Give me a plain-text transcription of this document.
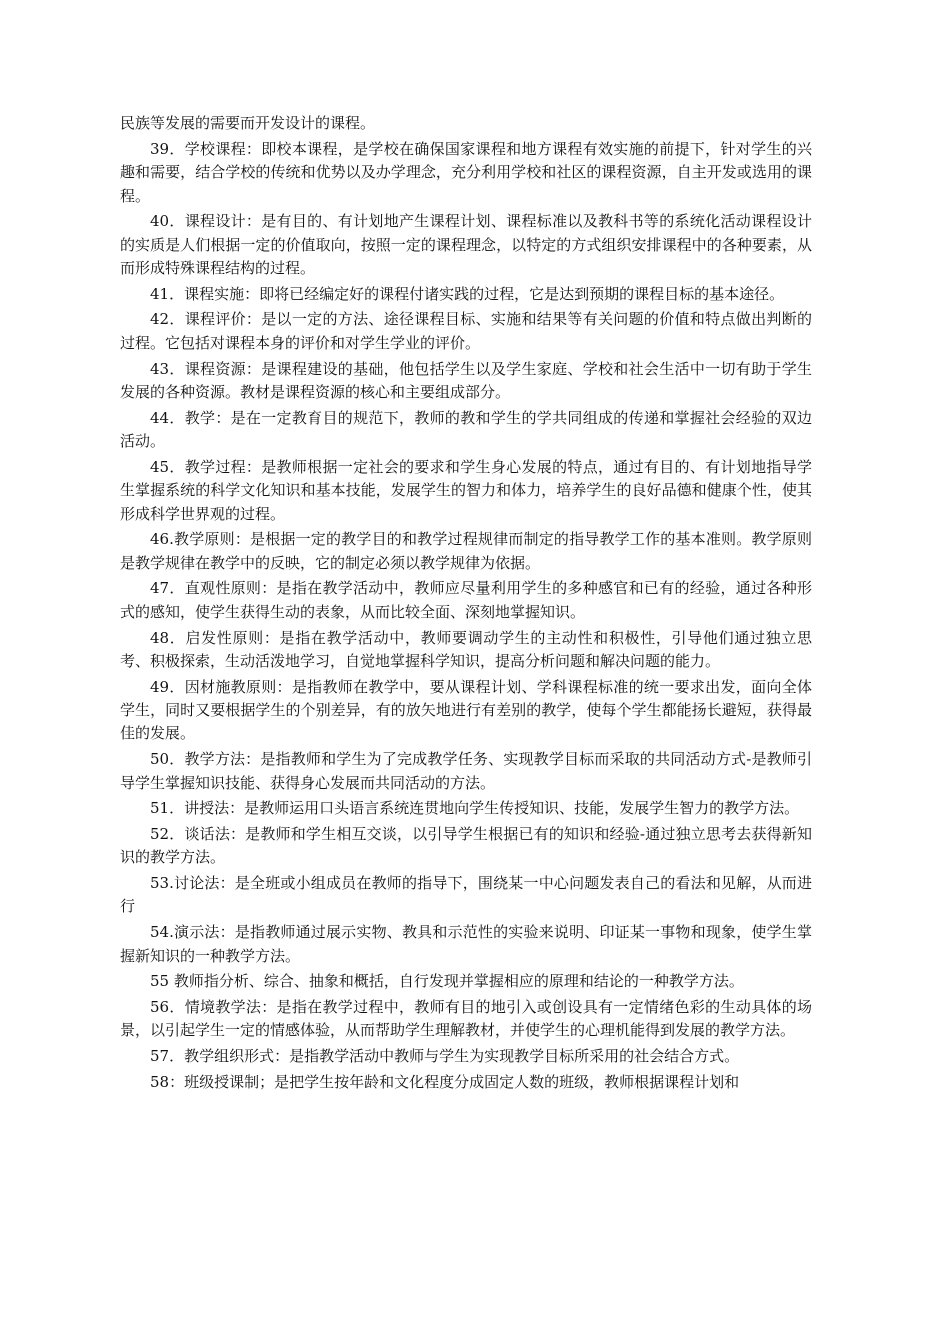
民族等发展的需要而开发设计的课程。

39．学校课程：即校本课程，是学校在确保国家课程和地方课程有效实施的前提下，针对学生的兴趣和需要，结合学校的传统和优势以及办学理念，充分利用学校和社区的课程资源，自主开发或选用的课程。

40．课程设计：是有目的、有计划地产生课程计划、课程标准以及教科书等的系统化活动课程设计的实质是人们根据一定的价值取向，按照一定的课程理念，以特定的方式组织安排课程中的各种要素，从而形成特殊课程结构的过程。

41．课程实施：即将已经编定好的课程付诸实践的过程，它是达到预期的课程目标的基本途径。

42．课程评价：是以一定的方法、途径课程目标、实施和结果等有关问题的价值和特点做出判断的过程。它包括对课程本身的评价和对学生学业的评价。

43．课程资源：是课程建设的基础，他包括学生以及学生家庭、学校和社会生活中一切有助于学生发展的各种资源。教材是课程资源的核心和主要组成部分。

44．教学：是在一定教育目的规范下，教师的教和学生的学共同组成的传递和掌握社会经验的双边活动。

45．教学过程：是教师根据一定社会的要求和学生身心发展的特点，通过有目的、有计划地指导学生掌握系统的科学文化知识和基本技能，发展学生的智力和体力，培养学生的良好品德和健康个性，使其形成科学世界观的过程。

46.教学原则：是根据一定的教学目的和教学过程规律而制定的指导教学工作的基本准则。教学原则是教学规律在教学中的反映，它的制定必须以教学规律为依据。

47．直观性原则：是指在教学活动中，教师应尽量利用学生的多种感官和已有的经验，通过各种形式的感知，使学生获得生动的表象，从而比较全面、深刻地掌握知识。

48．启发性原则：是指在教学活动中，教师要调动学生的主动性和积极性，引导他们通过独立思考、积极探索，生动活泼地学习，自觉地掌握科学知识，提高分析问题和解决问题的能力。

49．因材施教原则：是指教师在教学中，要从课程计划、学科课程标准的统一要求出发，面向全体学生，同时又要根据学生的个别差异，有的放矢地进行有差别的教学，使每个学生都能扬长避短，获得最佳的发展。

50．教学方法：是指教师和学生为了完成教学任务、实现教学目标而采取的共同活动方式-是教师引导学生掌握知识技能、获得身心发展而共同活动的方法。

51．讲授法：是教师运用口头语言系统连贯地向学生传授知识、技能，发展学生智力的教学方法。

52．谈话法：是教师和学生相互交谈，以引导学生根据已有的知识和经验-通过独立思考去获得新知识的教学方法。

53.讨论法：是全班或小组成员在教师的指导下，围绕某一中心问题发表自己的看法和见解，从而进行

54.演示法：是指教师通过展示实物、教具和示范性的实验来说明、印证某一事物和现象，使学生掌握新知识的一种教学方法。

55 教师指分析、综合、抽象和概括，自行发现并掌握相应的原理和结论的一种教学方法。

56．情境教学法：是指在教学过程中，教师有目的地引入或创设具有一定情绪色彩的生动具体的场景，以引起学生一定的情感体验，从而帮助学生理解教材，并使学生的心理机能得到发展的教学方法。

57．教学组织形式：是指教学活动中教师与学生为实现教学目标所采用的社会结合方式。

58：班级授课制；是把学生按年龄和文化程度分成固定人数的班级，教师根据课程计划和
